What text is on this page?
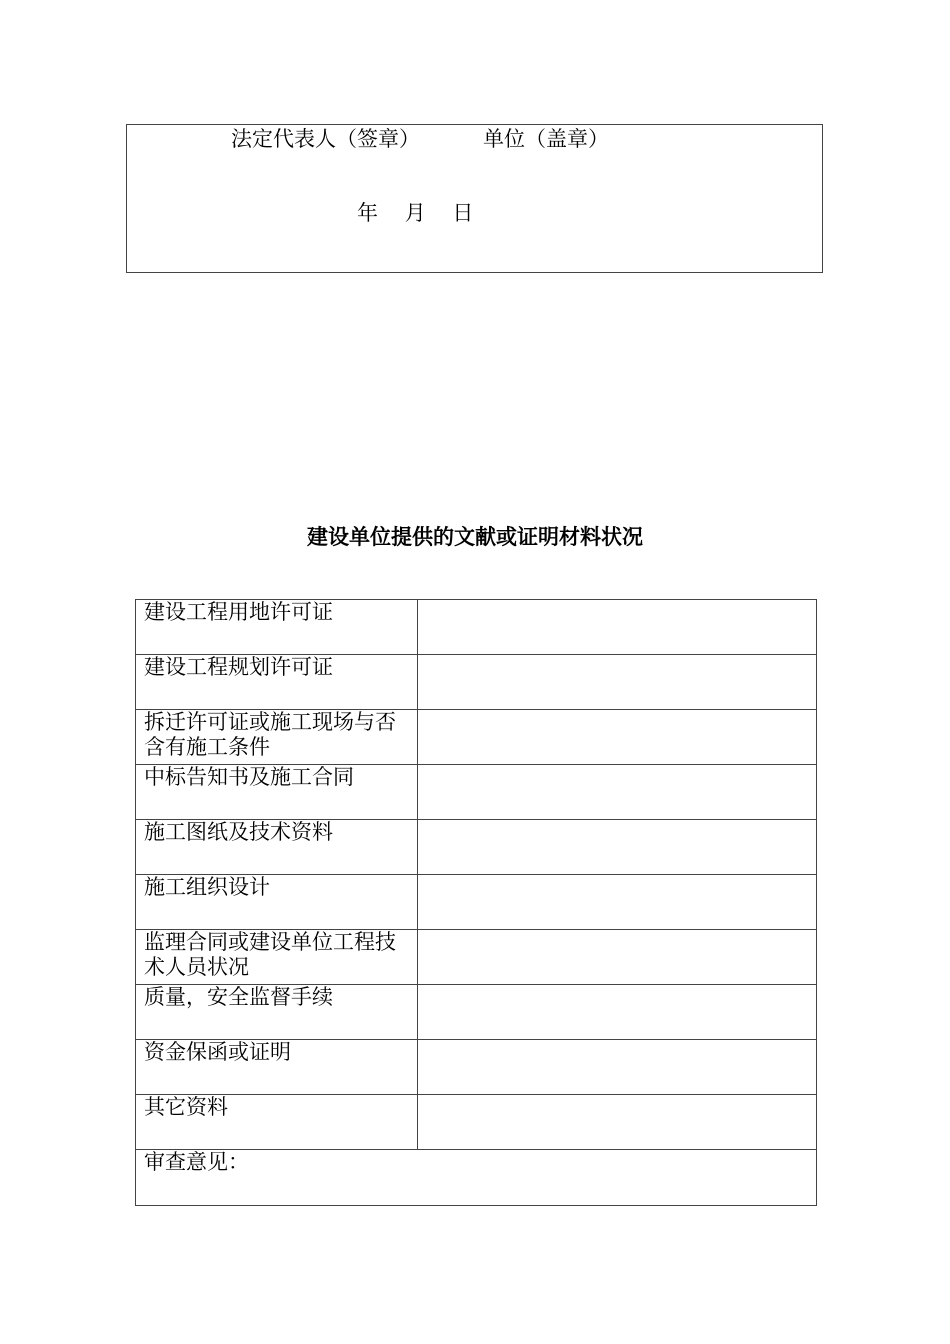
法定代表人（签章）	单位（盖章）
年    月    日
建设单位提供的文献或证明材料状况
建设工程用地许可证	
建设工程规划许可证	
拆迁许可证或施工现场与否含有施工条件	
中标告知书及施工合同	
施工图纸及技术资料	
施工组织设计	
监理合同或建设单位工程技术人员状况	
质量，安全监督手续	
资金保函或证明	
其它资料	
审查意见：	
